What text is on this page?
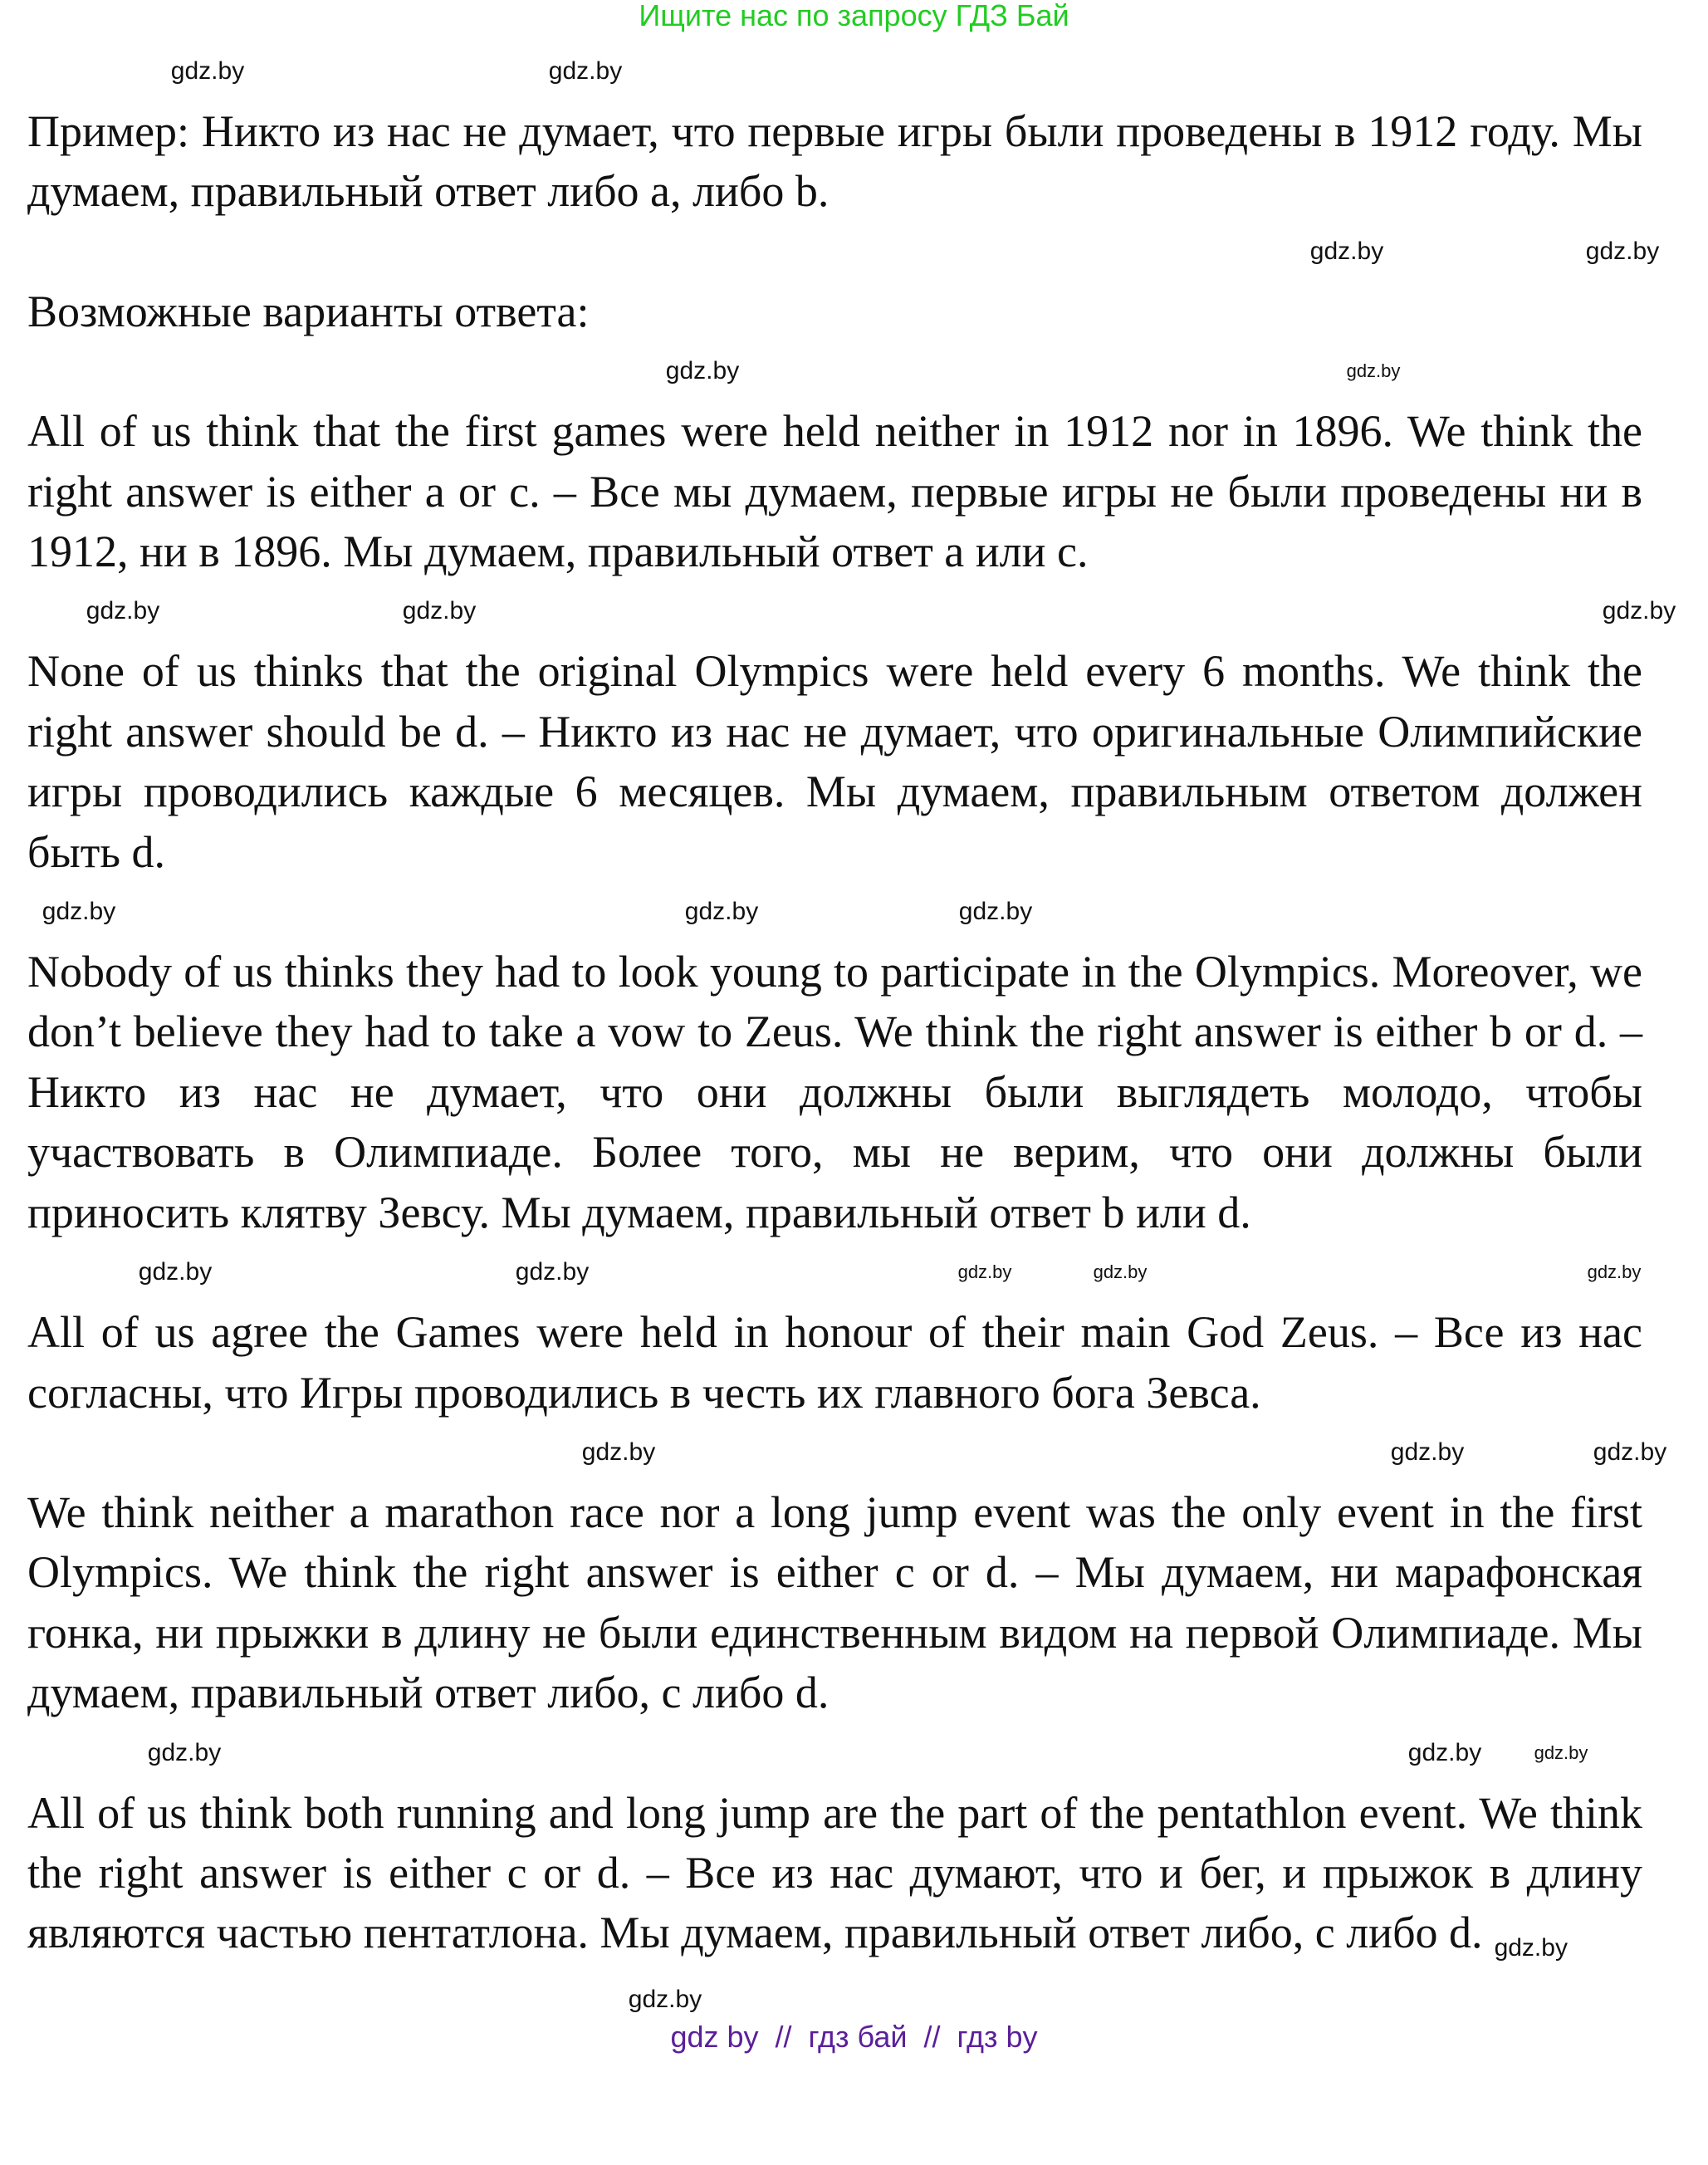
Ищите нас по запросу ГДЗ Бай
gdz.by	gdz.by

Пример: Никто из нас не думает, что первые игры были проведены в 1912 году. Мы думаем, правильный ответ либо a, либо b.

gdz.by
gdz.by

Возможные варианты ответа:

gdz.by	gdz.by

All of us think that the first games were held neither in 1912 nor in 1896. We think the right answer is either a or c. – Все мы думаем, первые игры не были проведены ни в 1912, ни в 1896. Мы думаем, правильный ответ a или c.

gdz.by
gdz.by
gdz.by

None of us thinks that the original Olympics were held every 6 months. We think the right answer should be d. – Никто из нас не думает, что оригинальные Олимпийские игры проводились каждые 6 месяцев. Мы думаем, правильным ответом должен быть d.

gdz.by	gdz.by
gdz.by

Nobody of us thinks they had to look young to participate in the Olympics. Moreover, we don’t believe they had to take a vow to Zeus. We think the right answer is either b or d. – Никто из нас не думает, что они должны были выглядеть молодо, чтобы участвовать в Олимпиаде. Более того, мы не верим, что они должны были приносить клятву Зевсу. Мы думаем, правильный ответ b или d.

gdz.by
gdz.by
gdz.by	gdz.by
gdz.by

All of us agree the Games were held in honour of their main God Zeus. – Все из нас согласны, что Игры проводились в честь их главного бога Зевса.

gdz.by
gdz.by
gdz.by

We think neither a marathon race nor a long jump event was the only event in the first Olympics. We think the right answer is either c or d. – Мы думаем, ни марафонская гонка, ни прыжки в длину не были единственным видом на первой Олимпиаде. Мы думаем, правильный ответ либо, c либо d.

gdz.by
gdz.by	gdz.by
All of us think both running and long jump are the part of the pentathlon event. We think the right answer is either c or d. – Все из нас думают, что и бег, и прыжок в длину являются частью пентатлона. Мы думаем, правильный ответ либо, c либо d. gdz.by
gdz.by
gdz by  //  гдз бай  //  гдз by
